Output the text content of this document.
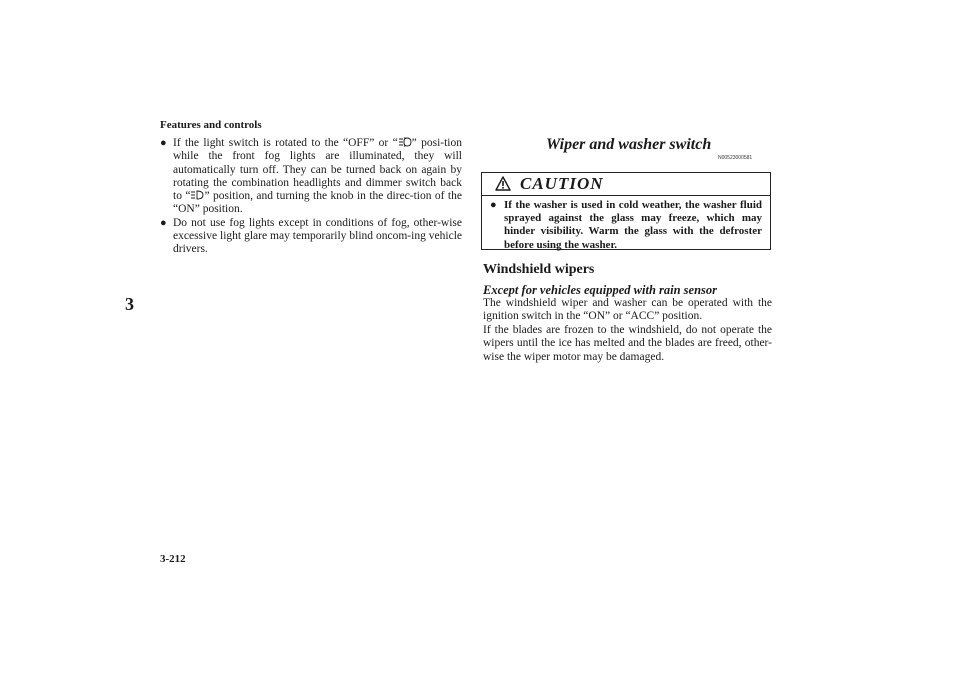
Features and controls
3
3-212

● If the light switch is rotated to the “OFF” or “ ” posi-tion while the front fog lights are illuminated, they will automatically turn off. They can be turned back on again by rotating the combination headlights and dimmer switch back to “ ” position, and turning the knob in the direc-tion of the “ON” position.

● Do not use fog lights except in conditions of fog, other-wise excessive light glare may temporarily blind oncom-ing vehicle drivers.

Wiper and washer switch
N00523000581
CAUTION
● If the washer is used in cold weather, the washer fluid sprayed against the glass may freeze, which may hinder visibility. Warm the glass with the defroster before using the washer.
Windshield wipers
Except for vehicles equipped with rain sensor

The windshield wiper and washer can be operated with the ignition switch in the “ON” or “ACC” position.

If the blades are frozen to the windshield, do not operate the wipers until the ice has melted and the blades are freed, other-wise the wiper motor may be damaged.
